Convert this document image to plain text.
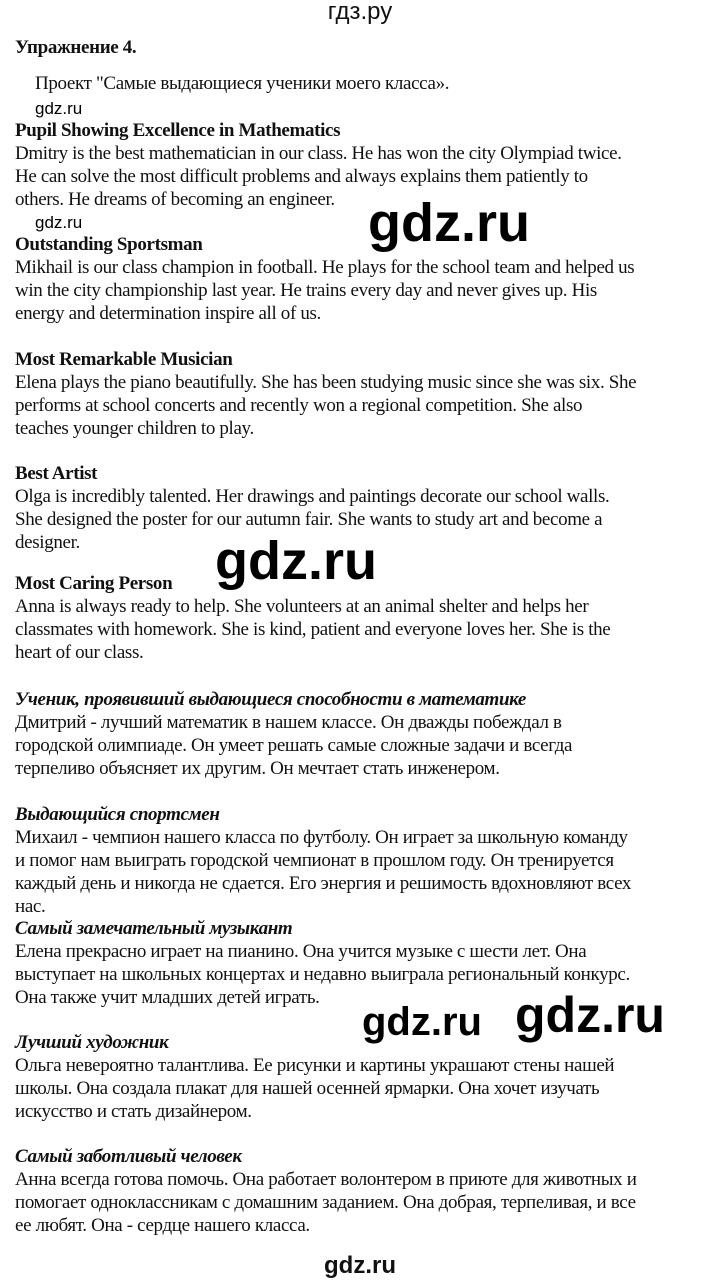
гдз.ру
Упражнение 4.
Проект "Самые выдающиеся ученики моего класса».
Pupil Showing Excellence in Mathematics
Dmitry is the best mathematician in our class. He has won the city Olympiad twice.
He can solve the most difficult problems and always explains them patiently to
others. He dreams of becoming an engineer.
Outstanding Sportsman
Mikhail is our class champion in football. He plays for the school team and helped us
win the city championship last year. He trains every day and never gives up. His
energy and determination inspire all of us.
Most Remarkable Musician
Elena plays the piano beautifully. She has been studying music since she was six. She
performs at school concerts and recently won a regional competition. She also
teaches younger children to play.
Best Artist
Olga is incredibly talented. Her drawings and paintings decorate our school walls.
She designed the poster for our autumn fair. She wants to study art and become a
designer.
Most Caring Person
Anna is always ready to help. She volunteers at an animal shelter and helps her
classmates with homework. She is kind, patient and everyone loves her. She is the
heart of our class.
Ученик, проявивший выдающиеся способности в математике
Дмитрий - лучший математик в нашем классе. Он дважды побеждал в
городской олимпиаде. Он умеет решать самые сложные задачи и всегда
терпеливо объясняет их другим. Он мечтает стать инженером.
Выдающийся спортсмен
Михаил - чемпион нашего класса по футболу. Он играет за школьную команду
и помог нам выиграть городской чемпионат в прошлом году. Он тренируется
каждый день и никогда не сдается. Его энергия и решимость вдохновляют всех
нас.
Самый замечательный музыкант
Елена прекрасно играет на пианино. Она учится музыке с шести лет. Она
выступает на школьных концертах и недавно выиграла региональный конкурс.
Она также учит младших детей играть.
Лучший художник
Ольга невероятно талантлива. Ее рисунки и картины украшают стены нашей
школы. Она создала плакат для нашей осенней ярмарки. Она хочет изучать
искусство и стать дизайнером.
Самый заботливый человек
Анна всегда готова помочь. Она работает волонтером в приюте для животных и
помогает одноклассникам с домашним заданием. Она добрая, терпеливая, и все
ее любят. Она - сердце нашего класса.
gdz.ru
gdz.ru	gdz.ru
gdz.ru
gdz.ru gdz.ru
gdz.ru
